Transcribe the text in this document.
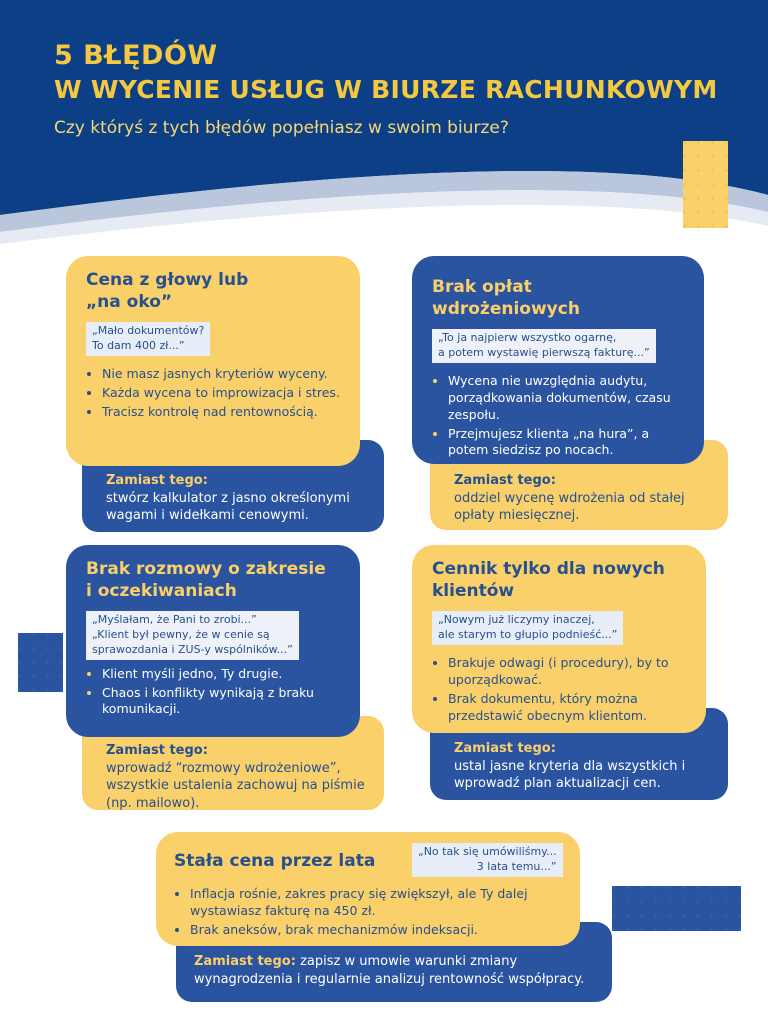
5 BŁĘDÓW
W WYCENIE USŁUG W BIURZE RACHUNKOWYM

Czy któryś z tych błędów popełniasz w swoim biurze?

Zamiast tego:
stwórz kalkulator z jasno określonymi wagami i widełkami cenowymi.
Cena z głowy lub
„na oko”
„Mało dokumentów?
To dam 400 zł...”
• Nie masz jasnych kryteriów wyceny.
• Każda wycena to improwizacja i stres.
• Tracisz kontrolę nad rentownością.
Zamiast tego:
oddziel wycenę wdrożenia od stałej opłaty miesięcznej.
Brak opłat wdrożeniowych
„To ja najpierw wszystko ogarnę,
a potem wystawię pierwszą fakturę...”
• Wycena nie uwzględnia audytu, porządkowania dokumentów, czasu zespołu.
• Przejmujesz klienta „na hura”, a potem siedzisz po nocach.
Zamiast tego:
wprowadź “rozmowy wdrożeniowe”, wszystkie ustalenia zachowuj na piśmie (np. mailowo).
Brak rozmowy o zakresie
i oczekiwaniach
„Myślałam, że Pani to zrobi...”
„Klient był pewny, że w cenie są
sprawozdania i ZUS-y wspólników...”
• Klient myśli jedno, Ty drugie.
• Chaos i konflikty wynikają z braku komunikacji.
Zamiast tego:
ustal jasne kryteria dla wszystkich i wprowadź plan aktualizacji cen.
Cennik tylko dla nowych
klientów
„Nowym już liczymy inaczej,
ale starym to głupio podnieść...”
• Brakuje odwagi (i procedury), by to uporządkować.
• Brak dokumentu, który można przedstawić obecnym klientom.
Zamiast tego: zapisz w umowie warunki zmiany wynagrodzenia i regularnie analizuj rentowność współpracy.
Stała cena przez lata	„No tak się umówiliśmy...
3 lata temu...”
• Inflacja rośnie, zakres pracy się zwiększył, ale Ty dalej wystawiasz fakturę na 450 zł.
• Brak aneksów, brak mechanizmów indeksacji.
